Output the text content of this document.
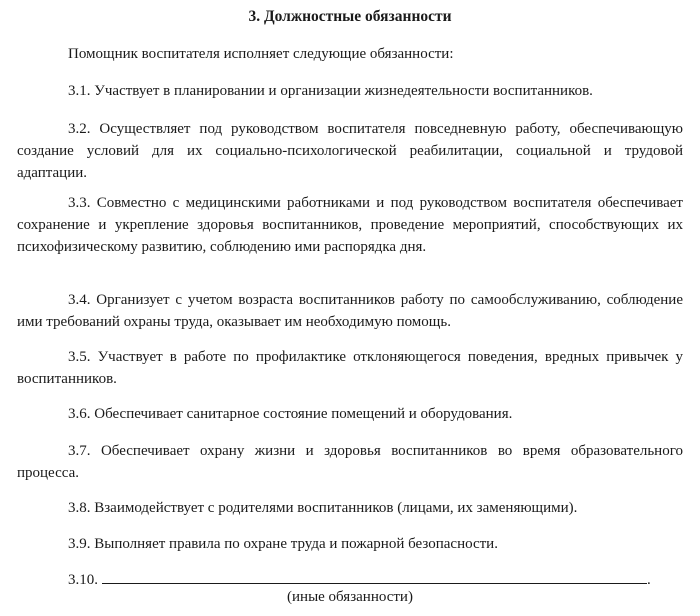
3. Должностные обязанности
Помощник воспитателя исполняет следующие обязанности:
3.1. Участвует в планировании и организации жизнедеятельности воспитанников.
3.2. Осуществляет под руководством воспитателя повседневную работу, обеспечивающую создание условий для их социально-психологической реабилитации, социальной и трудовой адаптации.
3.3. Совместно с медицинскими работниками и под руководством воспитателя обеспечивает сохранение и укрепление здоровья воспитанников, проведение мероприятий, способствующих их психофизическому развитию, соблюдению ими распорядка дня.
3.4. Организует с учетом возраста воспитанников работу по самообслуживанию, соблюдение ими требований охраны труда, оказывает им необходимую помощь.
3.5. Участвует в работе по профилактике отклоняющегося поведения, вредных привычек у воспитанников.
3.6. Обеспечивает санитарное состояние помещений и оборудования.
3.7. Обеспечивает охрану жизни и здоровья воспитанников во время образовательного процесса.
3.8. Взаимодействует с родителями воспитанников (лицами, их заменяющими).
3.9. Выполняет правила по охране труда и пожарной безопасности.
3.10.	.
(иные обязанности)
